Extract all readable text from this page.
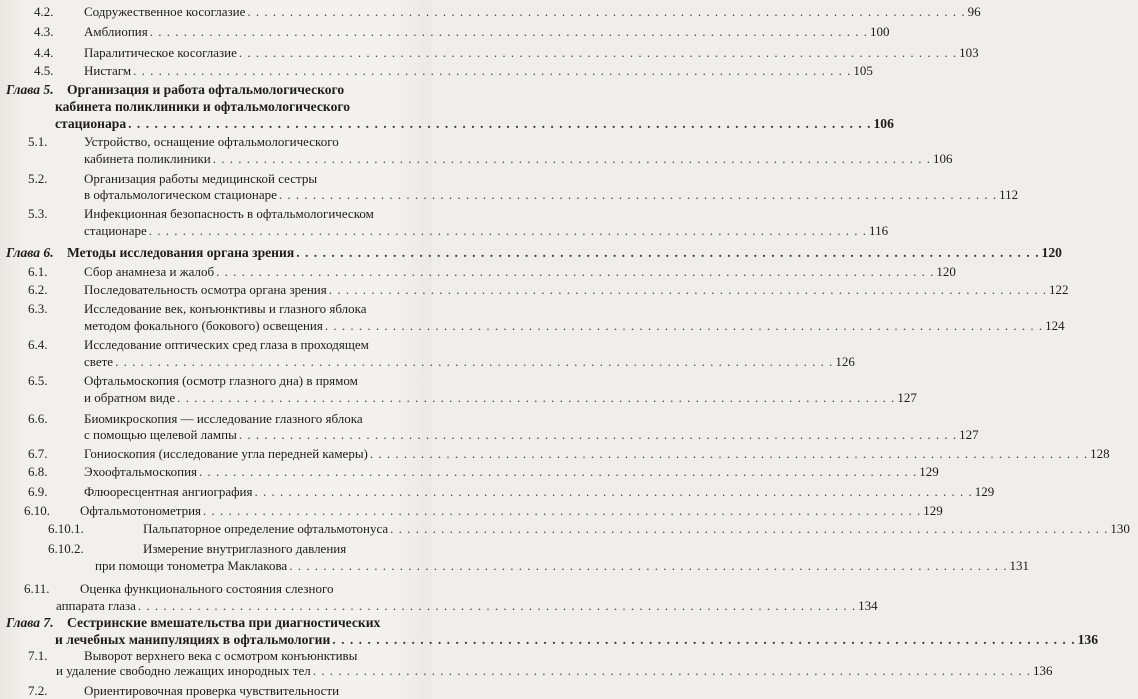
4.2.	Содружественное косоглазие . . .	96
4.3.	Амблиопия . . .	100
4.4.	Паралитическое косоглазие . . .	103
4.5.	Нистагм . . .	105
Глава 5. Организация и работа офтальмологического
кабинета поликлиники и офтальмологического
стационара . . .	106
5.1.	Устройство, оснащение офтальмологического
кабинета поликлиники . . .	106
5.2.	Организация работы медицинской сестры
в офтальмологическом стационаре . . .	112
5.3.	Инфекционная безопасность в офтальмологическом
стационаре . . .	116
Глава 6. Методы исследования органа зрения . . .	120
6.1.	Сбор анамнеза и жалоб . . .	120
6.2.	Последовательность осмотра органа зрения . . .	122
6.3.	Исследование век, конъюнктивы и глазного яблока
методом фокального (бокового) освещения . . .	124
6.4.	Исследование оптических сред глаза в проходящем
свете . . .	126
6.5.	Офтальмоскопия (осмотр глазного дна) в прямом
и обратном виде . . .	127
6.6.	Биомикроскопия — исследование глазного яблока
с помощью щелевой лампы . . .	127
6.7.	Гониоскопия (исследование угла передней камеры) . . .	128
6.8.	Эхоофтальмоскопия . . .	129
6.9.	Флюоресцентная ангиография . . .	129
6.10.	Офтальмотонометрия . . .	129
6.10.1.	Пальпаторное определение офтальмотонуса . . .	130
6.10.2.	Измерение внутриглазного давления
при помощи тонометра Маклакова . . .	131
6.11.	Оценка функционального состояния слезного
аппарата глаза . . .	134
Глава 7. Сестринские вмешательства при диагностических
и лечебных манипуляциях в офтальмологии . . .	136
7.1.	Выворот верхнего века с осмотром конъюнктивы
и удаление свободно лежащих инородных тел . . .	136
7.2.	Ориентировочная проверка чувствительности
